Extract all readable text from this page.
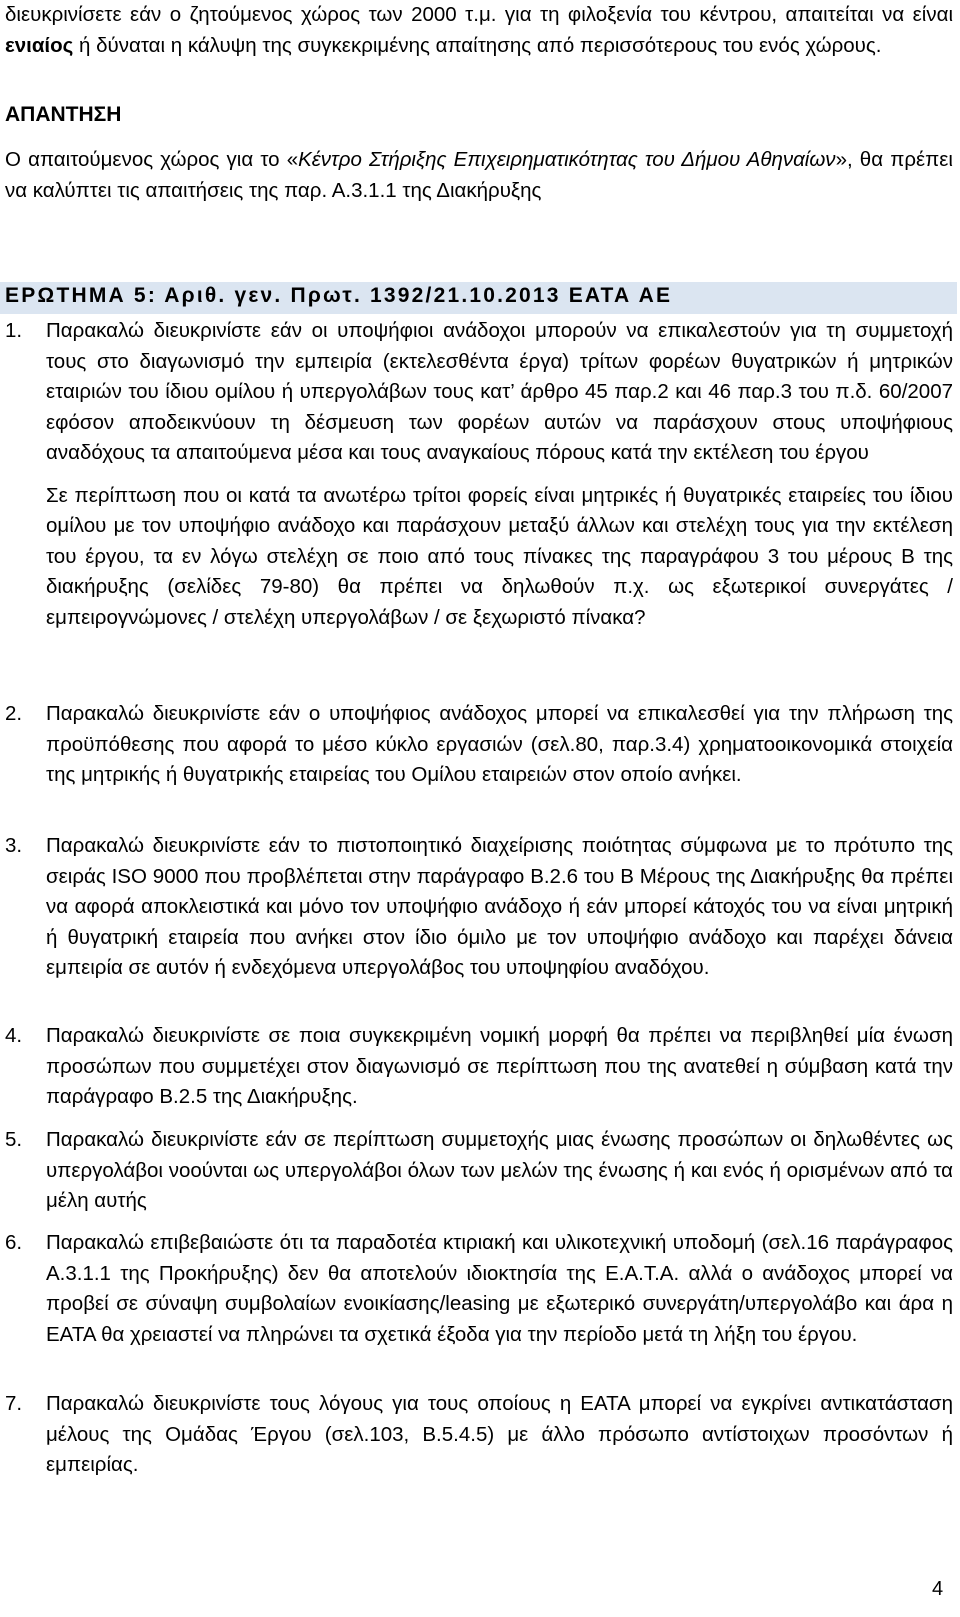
διευκρινίσετε εάν ο ζητούμενος χώρος των 2000 τ.μ. για τη φιλοξενία του κέντρου, απαιτείται να είναι ενιαίος ή δύναται η κάλυψη της συγκεκριμένης απαίτησης από περισσότερους του ενός χώρους.

ΑΠΑΝΤΗΣΗ

Ο απαιτούμενος χώρος για το «Κέντρο Στήριξης Επιχειρηματικότητας του Δήμου Αθηναίων», θα πρέπει να καλύπτει τις απαιτήσεις της παρ. Α.3.1.1 της Διακήρυξης

ΕΡΩΤΗΜΑ 5: Αριθ. γεν. Πρωτ. 1392/21.10.2013 ΕΑΤΑ ΑΕ
1.	Παρακαλώ διευκρινίστε εάν οι υποψήφιοι ανάδοχοι μπορούν να επικαλεστούν για τη συμμετοχή τους στο διαγωνισμό την εμπειρία (εκτελεσθέντα έργα) τρίτων φορέων θυγατρικών ή μητρικών εταιριών του ίδιου ομίλου ή υπεργολάβων τους κατ’ άρθρο 45 παρ.2 και 46 παρ.3 του π.δ. 60/2007 εφόσον αποδεικνύουν τη δέσμευση των φορέων αυτών να παράσχουν στους υποψήφιους αναδόχους τα απαιτούμενα μέσα και τους αναγκαίους πόρους κατά την εκτέλεση του έργου
Σε περίπτωση που οι κατά τα ανωτέρω τρίτοι φορείς είναι μητρικές ή θυγατρικές εταιρείες του ίδιου ομίλου με τον υποψήφιο ανάδοχο και παράσχουν μεταξύ άλλων και στελέχη τους για την εκτέλεση του έργου, τα εν λόγω στελέχη σε ποιο από τους πίνακες της παραγράφου 3 του μέρους Β της διακήρυξης (σελίδες 79-80) θα πρέπει να δηλωθούν π.χ. ως εξωτερικοί συνεργάτες / εμπειρογνώμονες / στελέχη υπεργολάβων / σε ξεχωριστό πίνακα?
2.	Παρακαλώ διευκρινίστε εάν ο υποψήφιος ανάδοχος μπορεί να επικαλεσθεί για την πλήρωση της προϋπόθεσης που αφορά το μέσο κύκλο εργασιών (σελ.80, παρ.3.4) χρηματοοικονομικά στοιχεία της μητρικής ή θυγατρικής εταιρείας του Ομίλου εταιρειών στον οποίο ανήκει.
3.	Παρακαλώ διευκρινίστε εάν το πιστοποιητικό διαχείρισης ποιότητας σύμφωνα με το πρότυπο της σειράς ISO 9000 που προβλέπεται στην παράγραφο Β.2.6 του Β Μέρους της Διακήρυξης θα πρέπει να αφορά αποκλειστικά και μόνο τον υποψήφιο ανάδοχο ή εάν μπορεί κάτοχός του να είναι μητρική ή θυγατρική εταιρεία που ανήκει στον ίδιο όμιλο με τον υποψήφιο ανάδοχο και παρέχει δάνεια εμπειρία σε αυτόν ή ενδεχόμενα υπεργολάβος του υποψηφίου αναδόχου.
4.	Παρακαλώ διευκρινίστε σε ποια συγκεκριμένη νομική μορφή θα πρέπει να περιβληθεί μία ένωση προσώπων που συμμετέχει στον διαγωνισμό σε περίπτωση που της ανατεθεί η σύμβαση κατά την παράγραφο Β.2.5 της Διακήρυξης.
5.	Παρακαλώ διευκρινίστε εάν σε περίπτωση συμμετοχής μιας ένωσης προσώπων οι δηλωθέντες ως υπεργολάβοι νοούνται ως υπεργολάβοι όλων των μελών της ένωσης ή και ενός ή ορισμένων από τα μέλη αυτής
6.	Παρακαλώ επιβεβαιώστε ότι τα παραδοτέα κτιριακή και υλικοτεχνική υποδομή (σελ.16 παράγραφος Α.3.1.1 της Προκήρυξης) δεν θα αποτελούν ιδιοκτησία της Ε.Α.Τ.Α. αλλά ο ανάδοχος μπορεί να προβεί σε σύναψη συμβολαίων ενοικίασης/leasing με εξωτερικό συνεργάτη/υπεργολάβο και άρα η ΕΑΤΑ θα χρειαστεί να πληρώνει τα σχετικά έξοδα για την περίοδο μετά τη λήξη του έργου.
7.	Παρακαλώ διευκρινίστε τους λόγους για τους οποίους η ΕΑΤΑ μπορεί να εγκρίνει αντικατάσταση μέλους της Ομάδας Έργου (σελ.103, Β.5.4.5) με άλλο πρόσωπο αντίστοιχων προσόντων ή εμπειρίας.
4
